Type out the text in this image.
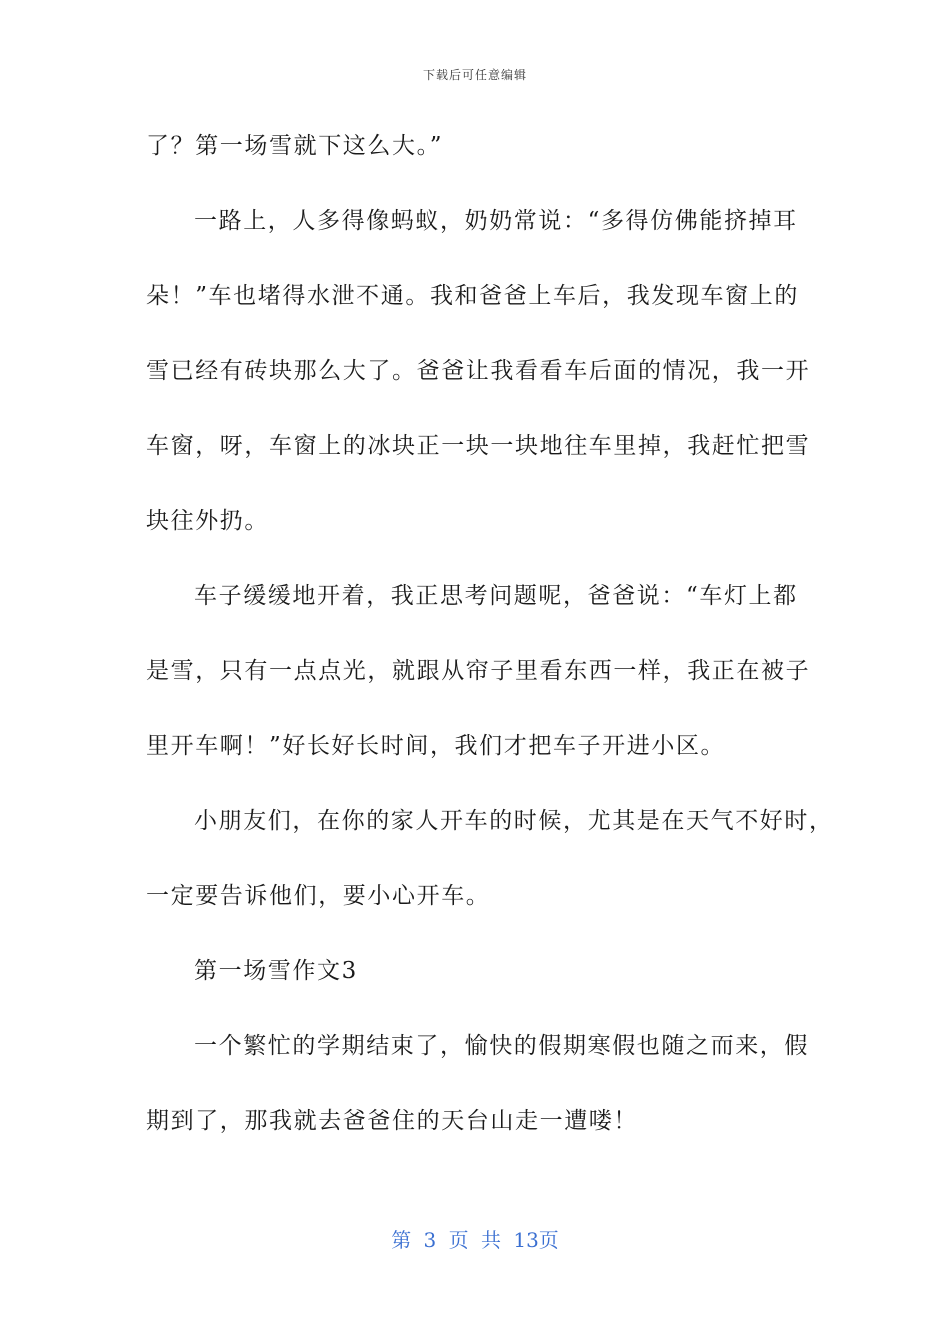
下载后可任意编辑
了？第一场雪就下这么大。”
一路上，人多得像蚂蚁，奶奶常说：“多得仿佛能挤掉耳
朵！”车也堵得水泄不通。我和爸爸上车后，我发现车窗上的
雪已经有砖块那么大了。爸爸让我看看车后面的情况，我一开
车窗，呀，车窗上的冰块正一块一块地往车里掉，我赶忙把雪
块往外扔。
车子缓缓地开着，我正思考问题呢，爸爸说：“车灯上都
是雪，只有一点点光，就跟从帘子里看东西一样，我正在被子
里开车啊！”好长好长时间，我们才把车子开进小区。
小朋友们，在你的家人开车的时候，尤其是在天气不好时，
一定要告诉他们，要小心开车。
第一场雪作文3
一个繁忙的学期结束了，愉快的假期寒假也随之而来，假
期到了，那我就去爸爸住的天台山走一遭喽！
第 3 页 共 13页
